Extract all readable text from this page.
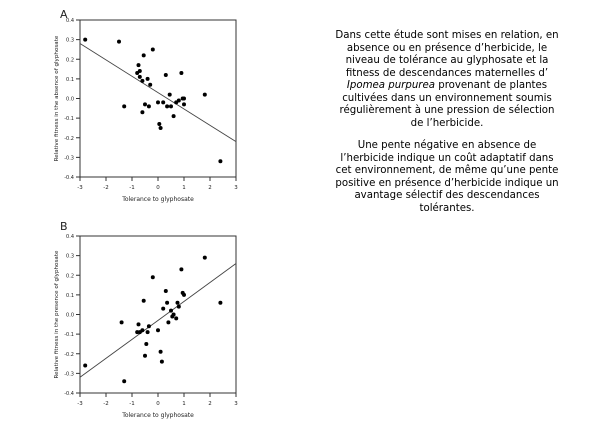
A
-3	-2	-1	0	1	2	3
0.4
0.3
0.2
0.1
0.0
-0.1
-0.2
-0.3
-0.4
Tolerance to glyphosate
Relative fitness in the absence of glyphosate
B
-3	-2	-1	0	1	2	3
0.4
0.3
0.2
0.1
0.0
-0.1
-0.2
-0.3
-0.4
Tolerance to glyphosate
Relative fitness in the presence of glyphosate

Dans cette étude sont mises en relation, en absence ou en présence d’herbicide, le niveau de tolérance au glyphosate et la fitness de descendances maternelles d’ Ipomea purpurea provenant de plantes cultivées dans un environnement soumis régulièrement à une pression de sélection de l’herbicide.

Une pente négative en absence de l’herbicide indique un coût adaptatif dans cet environnement, de même qu’une pente positive en présence d’herbicide indique un avantage sélectif des descendances tolérantes.
